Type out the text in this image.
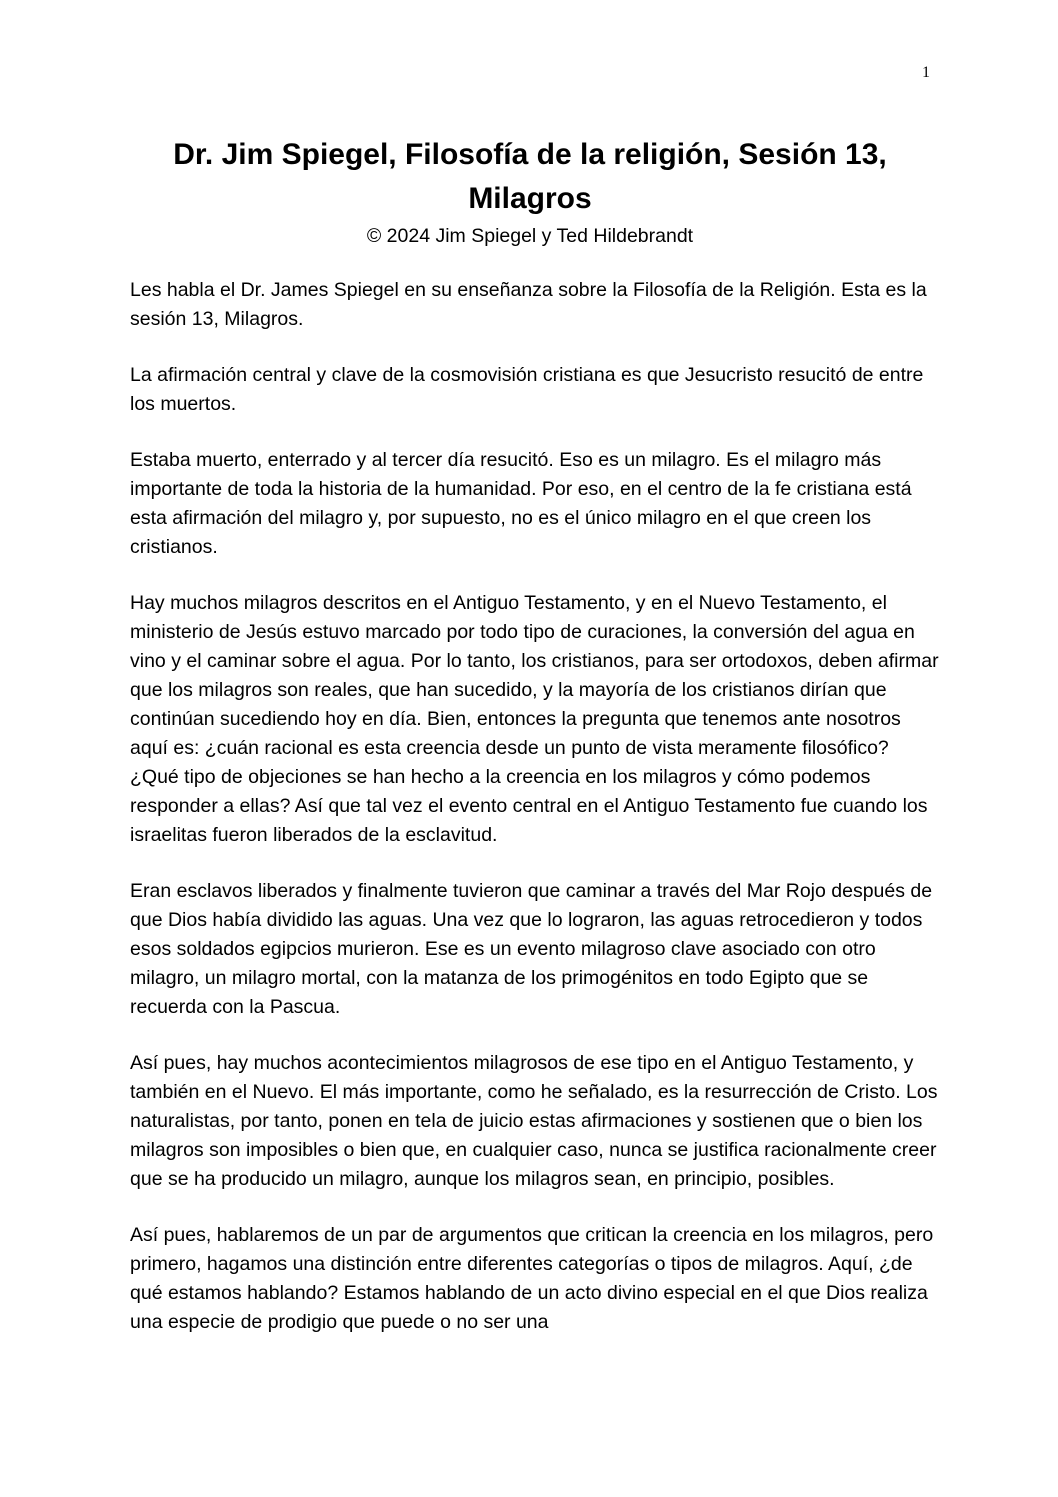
1
Dr. Jim Spiegel, Filosofía de la religión, Sesión 13, Milagros
© 2024 Jim Spiegel y Ted Hildebrandt

Les habla el Dr. James Spiegel en su enseñanza sobre la Filosofía de la Religión. Esta es la sesión 13, Milagros.

La afirmación central y clave de la cosmovisión cristiana es que Jesucristo resucitó de entre los muertos.

Estaba muerto, enterrado y al tercer día resucitó. Eso es un milagro. Es el milagro más importante de toda la historia de la humanidad. Por eso, en el centro de la fe cristiana está esta afirmación del milagro y, por supuesto, no es el único milagro en el que creen los cristianos.

Hay muchos milagros descritos en el Antiguo Testamento, y en el Nuevo Testamento, el ministerio de Jesús estuvo marcado por todo tipo de curaciones, la conversión del agua en vino y el caminar sobre el agua. Por lo tanto, los cristianos, para ser ortodoxos, deben afirmar que los milagros son reales, que han sucedido, y la mayoría de los cristianos dirían que continúan sucediendo hoy en día. Bien, entonces la pregunta que tenemos ante nosotros aquí es: ¿cuán racional es esta creencia desde un punto de vista meramente filosófico? ¿Qué tipo de objeciones se han hecho a la creencia en los milagros y cómo podemos responder a ellas? Así que tal vez el evento central en el Antiguo Testamento fue cuando los israelitas fueron liberados de la esclavitud.

Eran esclavos liberados y finalmente tuvieron que caminar a través del Mar Rojo después de que Dios había dividido las aguas. Una vez que lo lograron, las aguas retrocedieron y todos esos soldados egipcios murieron. Ese es un evento milagroso clave asociado con otro milagro, un milagro mortal, con la matanza de los primogénitos en todo Egipto que se recuerda con la Pascua.

Así pues, hay muchos acontecimientos milagrosos de ese tipo en el Antiguo Testamento, y también en el Nuevo. El más importante, como he señalado, es la resurrección de Cristo. Los naturalistas, por tanto, ponen en tela de juicio estas afirmaciones y sostienen que o bien los milagros son imposibles o bien que, en cualquier caso, nunca se justifica racionalmente creer que se ha producido un milagro, aunque los milagros sean, en principio, posibles.

Así pues, hablaremos de un par de argumentos que critican la creencia en los milagros, pero primero, hagamos una distinción entre diferentes categorías o tipos de milagros. Aquí, ¿de qué estamos hablando? Estamos hablando de un acto divino especial en el que Dios realiza una especie de prodigio que puede o no ser una
